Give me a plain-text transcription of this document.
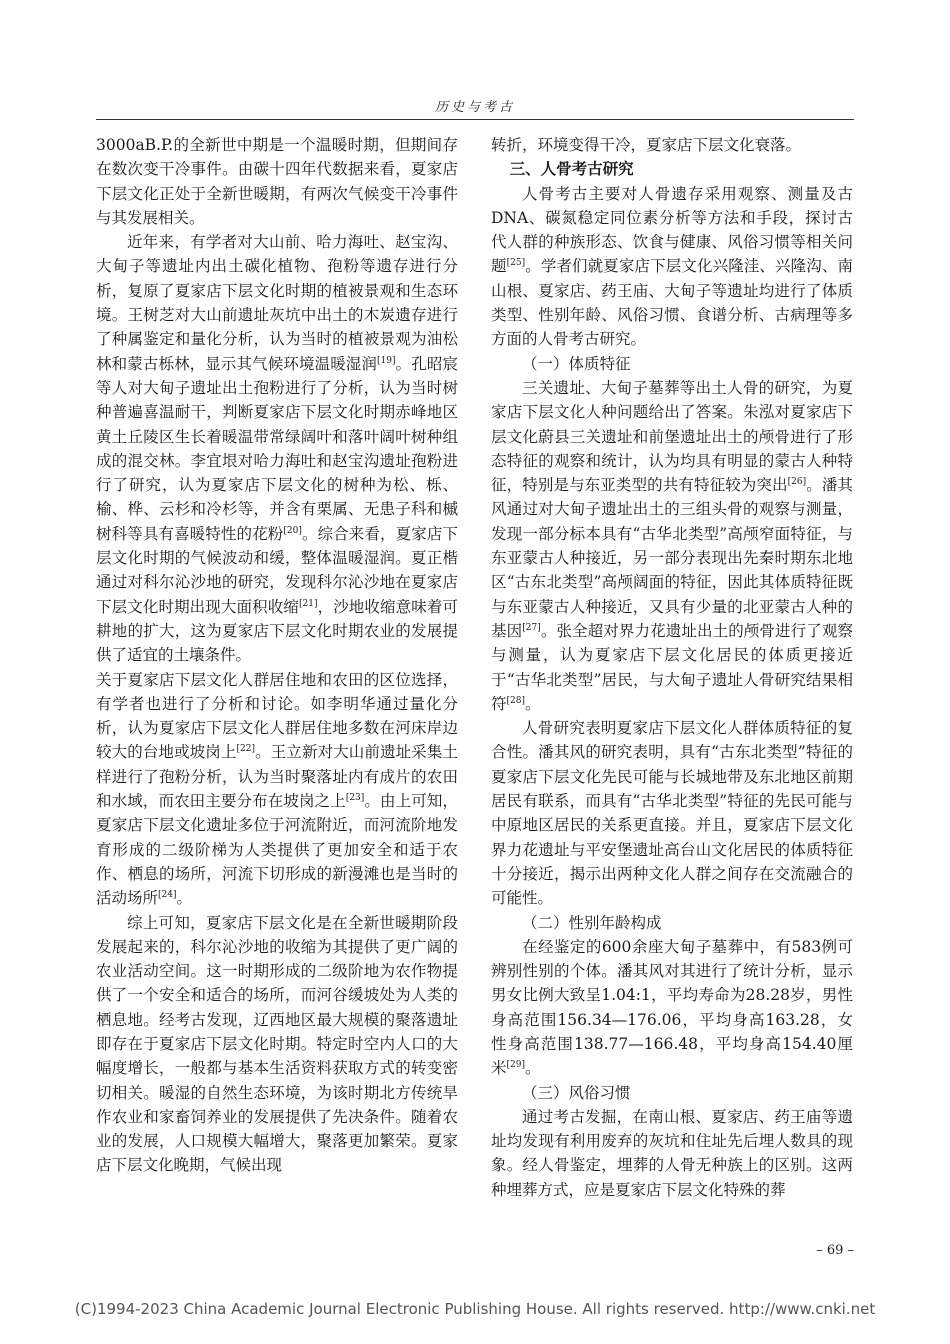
历史与考古

3000aB.P.的全新世中期是一个温暖时期，但期间存在数次变干冷事件。由碳十四年代数据来看，夏家店下层文化正处于全新世暖期，有两次气候变干冷事件与其发展相关。

近年来，有学者对大山前、哈力海吐、赵宝沟、大甸子等遗址内出土碳化植物、孢粉等遗存进行分析，复原了夏家店下层文化时期的植被景观和生态环境。王树芝对大山前遗址灰坑中出土的木炭遗存进行了种属鉴定和量化分析，认为当时的植被景观为油松林和蒙古栎林，显示其气候环境温暖湿润[19]。孔昭宸等人对大甸子遗址出土孢粉进行了分析，认为当时树种普遍喜温耐干，判断夏家店下层文化时期赤峰地区黄土丘陵区生长着暖温带常绿阔叶和落叶阔叶树种组成的混交林。李宜垠对哈力海吐和赵宝沟遗址孢粉进行了研究，认为夏家店下层文化的树种为松、栎、榆、桦、云杉和冷杉等，并含有栗属、无患子科和槭树科等具有喜暖特性的花粉[20]。综合来看，夏家店下层文化时期的气候波动和缓，整体温暖湿润。夏正楷通过对科尔沁沙地的研究，发现科尔沁沙地在夏家店下层文化时期出现大面积收缩[21]，沙地收缩意味着可耕地的扩大，这为夏家店下层文化时期农业的发展提供了适宜的土壤条件。

关于夏家店下层文化人群居住地和农田的区位选择，有学者也进行了分析和讨论。如李明华通过量化分析，认为夏家店下层文化人群居住地多数在河床岸边较大的台地或坡岗上[22]。王立新对大山前遗址采集土样进行了孢粉分析，认为当时聚落址内有成片的农田和水域，而农田主要分布在坡岗之上[23]。由上可知，夏家店下层文化遗址多位于河流附近，而河流阶地发育形成的二级阶梯为人类提供了更加安全和适于农作、栖息的场所，河流下切形成的新漫滩也是当时的活动场所[24]。

综上可知，夏家店下层文化是在全新世暖期阶段发展起来的，科尔沁沙地的收缩为其提供了更广阔的农业活动空间。这一时期形成的二级阶地为农作物提供了一个安全和适合的场所，而河谷缓坡处为人类的栖息地。经考古发现，辽西地区最大规模的聚落遗址即存在于夏家店下层文化时期。特定时空内人口的大幅度增长，一般都与基本生活资料获取方式的转变密切相关。暖湿的自然生态环境，为该时期北方传统旱作农业和家畜饲养业的发展提供了先决条件。随着农业的发展，人口规模大幅增大，聚落更加繁荣。夏家店下层文化晚期，气候出现

转折，环境变得干冷，夏家店下层文化衰落。

三、人骨考古研究

人骨考古主要对人骨遗存采用观察、测量及古DNA、碳氮稳定同位素分析等方法和手段，探讨古代人群的种族形态、饮食与健康、风俗习惯等相关问题[25]。学者们就夏家店下层文化兴隆洼、兴隆沟、南山根、夏家店、药王庙、大甸子等遗址均进行了体质类型、性别年龄、风俗习惯、食谱分析、古病理等多方面的人骨考古研究。

（一）体质特征

三关遗址、大甸子墓葬等出土人骨的研究，为夏家店下层文化人种问题给出了答案。朱泓对夏家店下层文化蔚县三关遗址和前堡遗址出土的颅骨进行了形态特征的观察和统计，认为均具有明显的蒙古人种特征，特别是与东亚类型的共有特征较为突出[26]。潘其风通过对大甸子遗址出土的三组头骨的观察与测量，发现一部分标本具有“古华北类型”高颅窄面特征，与东亚蒙古人种接近，另一部分表现出先秦时期东北地区“古东北类型”高颅阔面的特征，因此其体质特征既与东亚蒙古人种接近，又具有少量的北亚蒙古人种的基因[27]。张全超对界力花遗址出土的颅骨进行了观察与测量，认为夏家店下层文化居民的体质更接近于“古华北类型”居民，与大甸子遗址人骨研究结果相符[28]。

人骨研究表明夏家店下层文化人群体质特征的复合性。潘其风的研究表明，具有“古东北类型”特征的夏家店下层文化先民可能与长城地带及东北地区前期居民有联系，而具有“古华北类型”特征的先民可能与中原地区居民的关系更直接。并且，夏家店下层文化界力花遗址与平安堡遗址高台山文化居民的体质特征十分接近，揭示出两种文化人群之间存在交流融合的可能性。

（二）性别年龄构成

在经鉴定的600余座大甸子墓葬中，有583例可辨别性别的个体。潘其风对其进行了统计分析，显示男女比例大致呈1.04:1，平均寿命为28.28岁，男性身高范围156.34—176.06，平均身高163.28，女性身高范围138.77—166.48，平均身高154.40厘米[29]。

（三）风俗习惯

通过考古发掘，在南山根、夏家店、药王庙等遗址均发现有利用废弃的灰坑和住址先后埋人数具的现象。经人骨鉴定，埋葬的人骨无种族上的区别。这两种埋葬方式，应是夏家店下层文化特殊的葬

– 69 –
(C)1994-2023 China Academic Journal Electronic Publishing House. All rights reserved. http://www.cnki.net
